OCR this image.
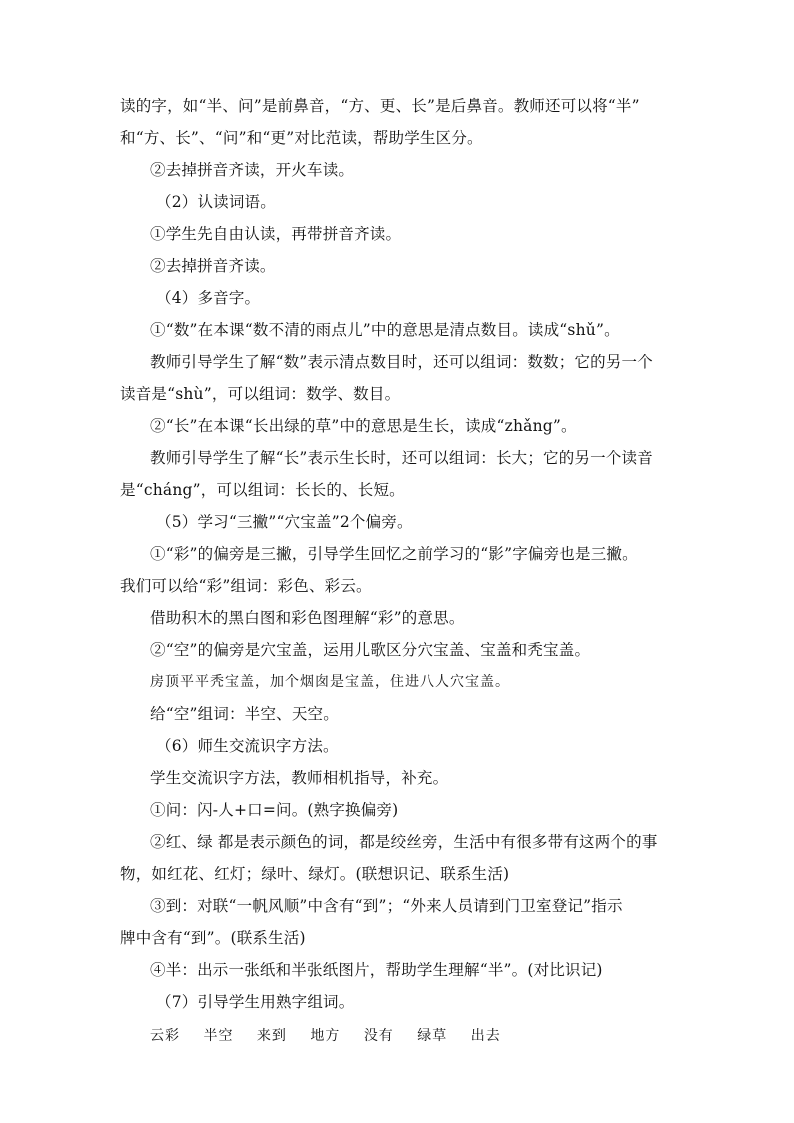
读的字，如“半、问”是前鼻音，“方、更、长”是后鼻音。教师还可以将“半”
和“方、长”、“问”和“更”对比范读，帮助学生区分。
②去掉拼音齐读，开火车读。
（2）认读词语。
①学生先自由认读，再带拼音齐读。
②去掉拼音齐读。
（4）多音字。
①“数”在本课“数不清的雨点儿”中的意思是清点数目。读成“shǔ”。
教师引导学生了解“数”表示清点数目时，还可以组词：数数；它的另一个
读音是“shù”，可以组词：数学、数目。
②“长”在本课“长出绿的草”中的意思是生长，读成“zhǎng”。
教师引导学生了解“长”表示生长时，还可以组词：长大；它的另一个读音
是“cháng”，可以组词：长长的、长短。
（5）学习“三撇”“穴宝盖”2个偏旁。
①“彩”的偏旁是三撇，引导学生回忆之前学习的“影”字偏旁也是三撇。
我们可以给“彩”组词：彩色、彩云。
借助积木的黑白图和彩色图理解“彩”的意思。
②“空”的偏旁是穴宝盖，运用儿歌区分穴宝盖、宝盖和秃宝盖。
房顶平平秃宝盖，加个烟囱是宝盖，住进八人穴宝盖。
给“空”组词：半空、天空。
（6）师生交流识字方法。
学生交流识字方法，教师相机指导，补充。
①问：闪-人+口=问。(熟字换偏旁)
②红、绿 都是表示颜色的词，都是绞丝旁，生活中有很多带有这两个的事
物，如红花、红灯；绿叶、绿灯。(联想识记、联系生活)
③到：对联“一帆风顺”中含有“到”；“外来人员请到门卫室登记”指示
牌中含有“到”。(联系生活)
④半：出示一张纸和半张纸图片，帮助学生理解“半”。(对比识记)
（7）引导学生用熟字组词。
云彩 半空 来到 地方 没有 绿草 出去
